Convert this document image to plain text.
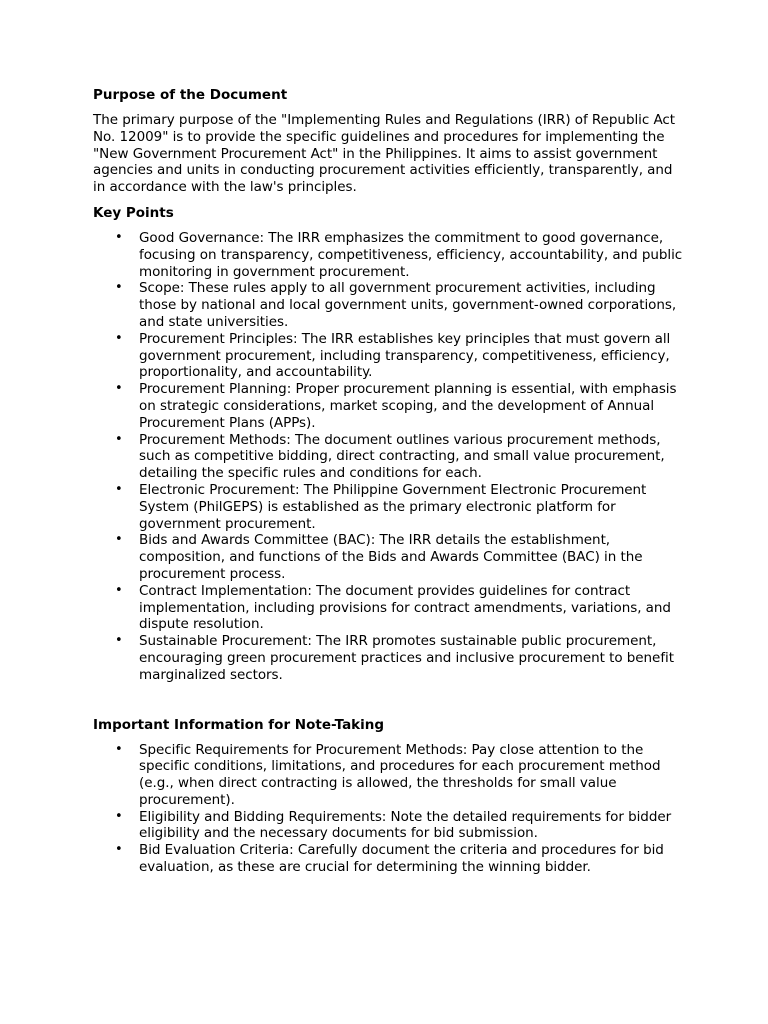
Purpose of the Document

The primary purpose of the "Implementing Rules and Regulations (IRR) of Republic Act No. 12009" is to provide the specific guidelines and procedures for implementing the "New Government Procurement Act" in the Philippines. It aims to assist government agencies and units in conducting procurement activities efficiently, transparently, and in accordance with the law's principles.

Key Points

• Good Governance: The IRR emphasizes the commitment to good governance, focusing on transparency, competitiveness, efficiency, accountability, and public monitoring in government procurement.
• Scope: These rules apply to all government procurement activities, including those by national and local government units, government-owned corporations, and state universities.
• Procurement Principles: The IRR establishes key principles that must govern all government procurement, including transparency, competitiveness, efficiency, proportionality, and accountability.
• Procurement Planning: Proper procurement planning is essential, with emphasis on strategic considerations, market scoping, and the development of Annual Procurement Plans (APPs).
• Procurement Methods: The document outlines various procurement methods, such as competitive bidding, direct contracting, and small value procurement, detailing the specific rules and conditions for each.
• Electronic Procurement: The Philippine Government Electronic Procurement System (PhilGEPS) is established as the primary electronic platform for government procurement.
• Bids and Awards Committee (BAC): The IRR details the establishment, composition, and functions of the Bids and Awards Committee (BAC) in the procurement process.
• Contract Implementation: The document provides guidelines for contract implementation, including provisions for contract amendments, variations, and dispute resolution.
• Sustainable Procurement: The IRR promotes sustainable public procurement, encouraging green procurement practices and inclusive procurement to benefit marginalized sectors.

Important Information for Note-Taking

• Specific Requirements for Procurement Methods: Pay close attention to the specific conditions, limitations, and procedures for each procurement method (e.g., when direct contracting is allowed, the thresholds for small value procurement).
• Eligibility and Bidding Requirements: Note the detailed requirements for bidder eligibility and the necessary documents for bid submission.
• Bid Evaluation Criteria: Carefully document the criteria and procedures for bid evaluation, as these are crucial for determining the winning bidder.
